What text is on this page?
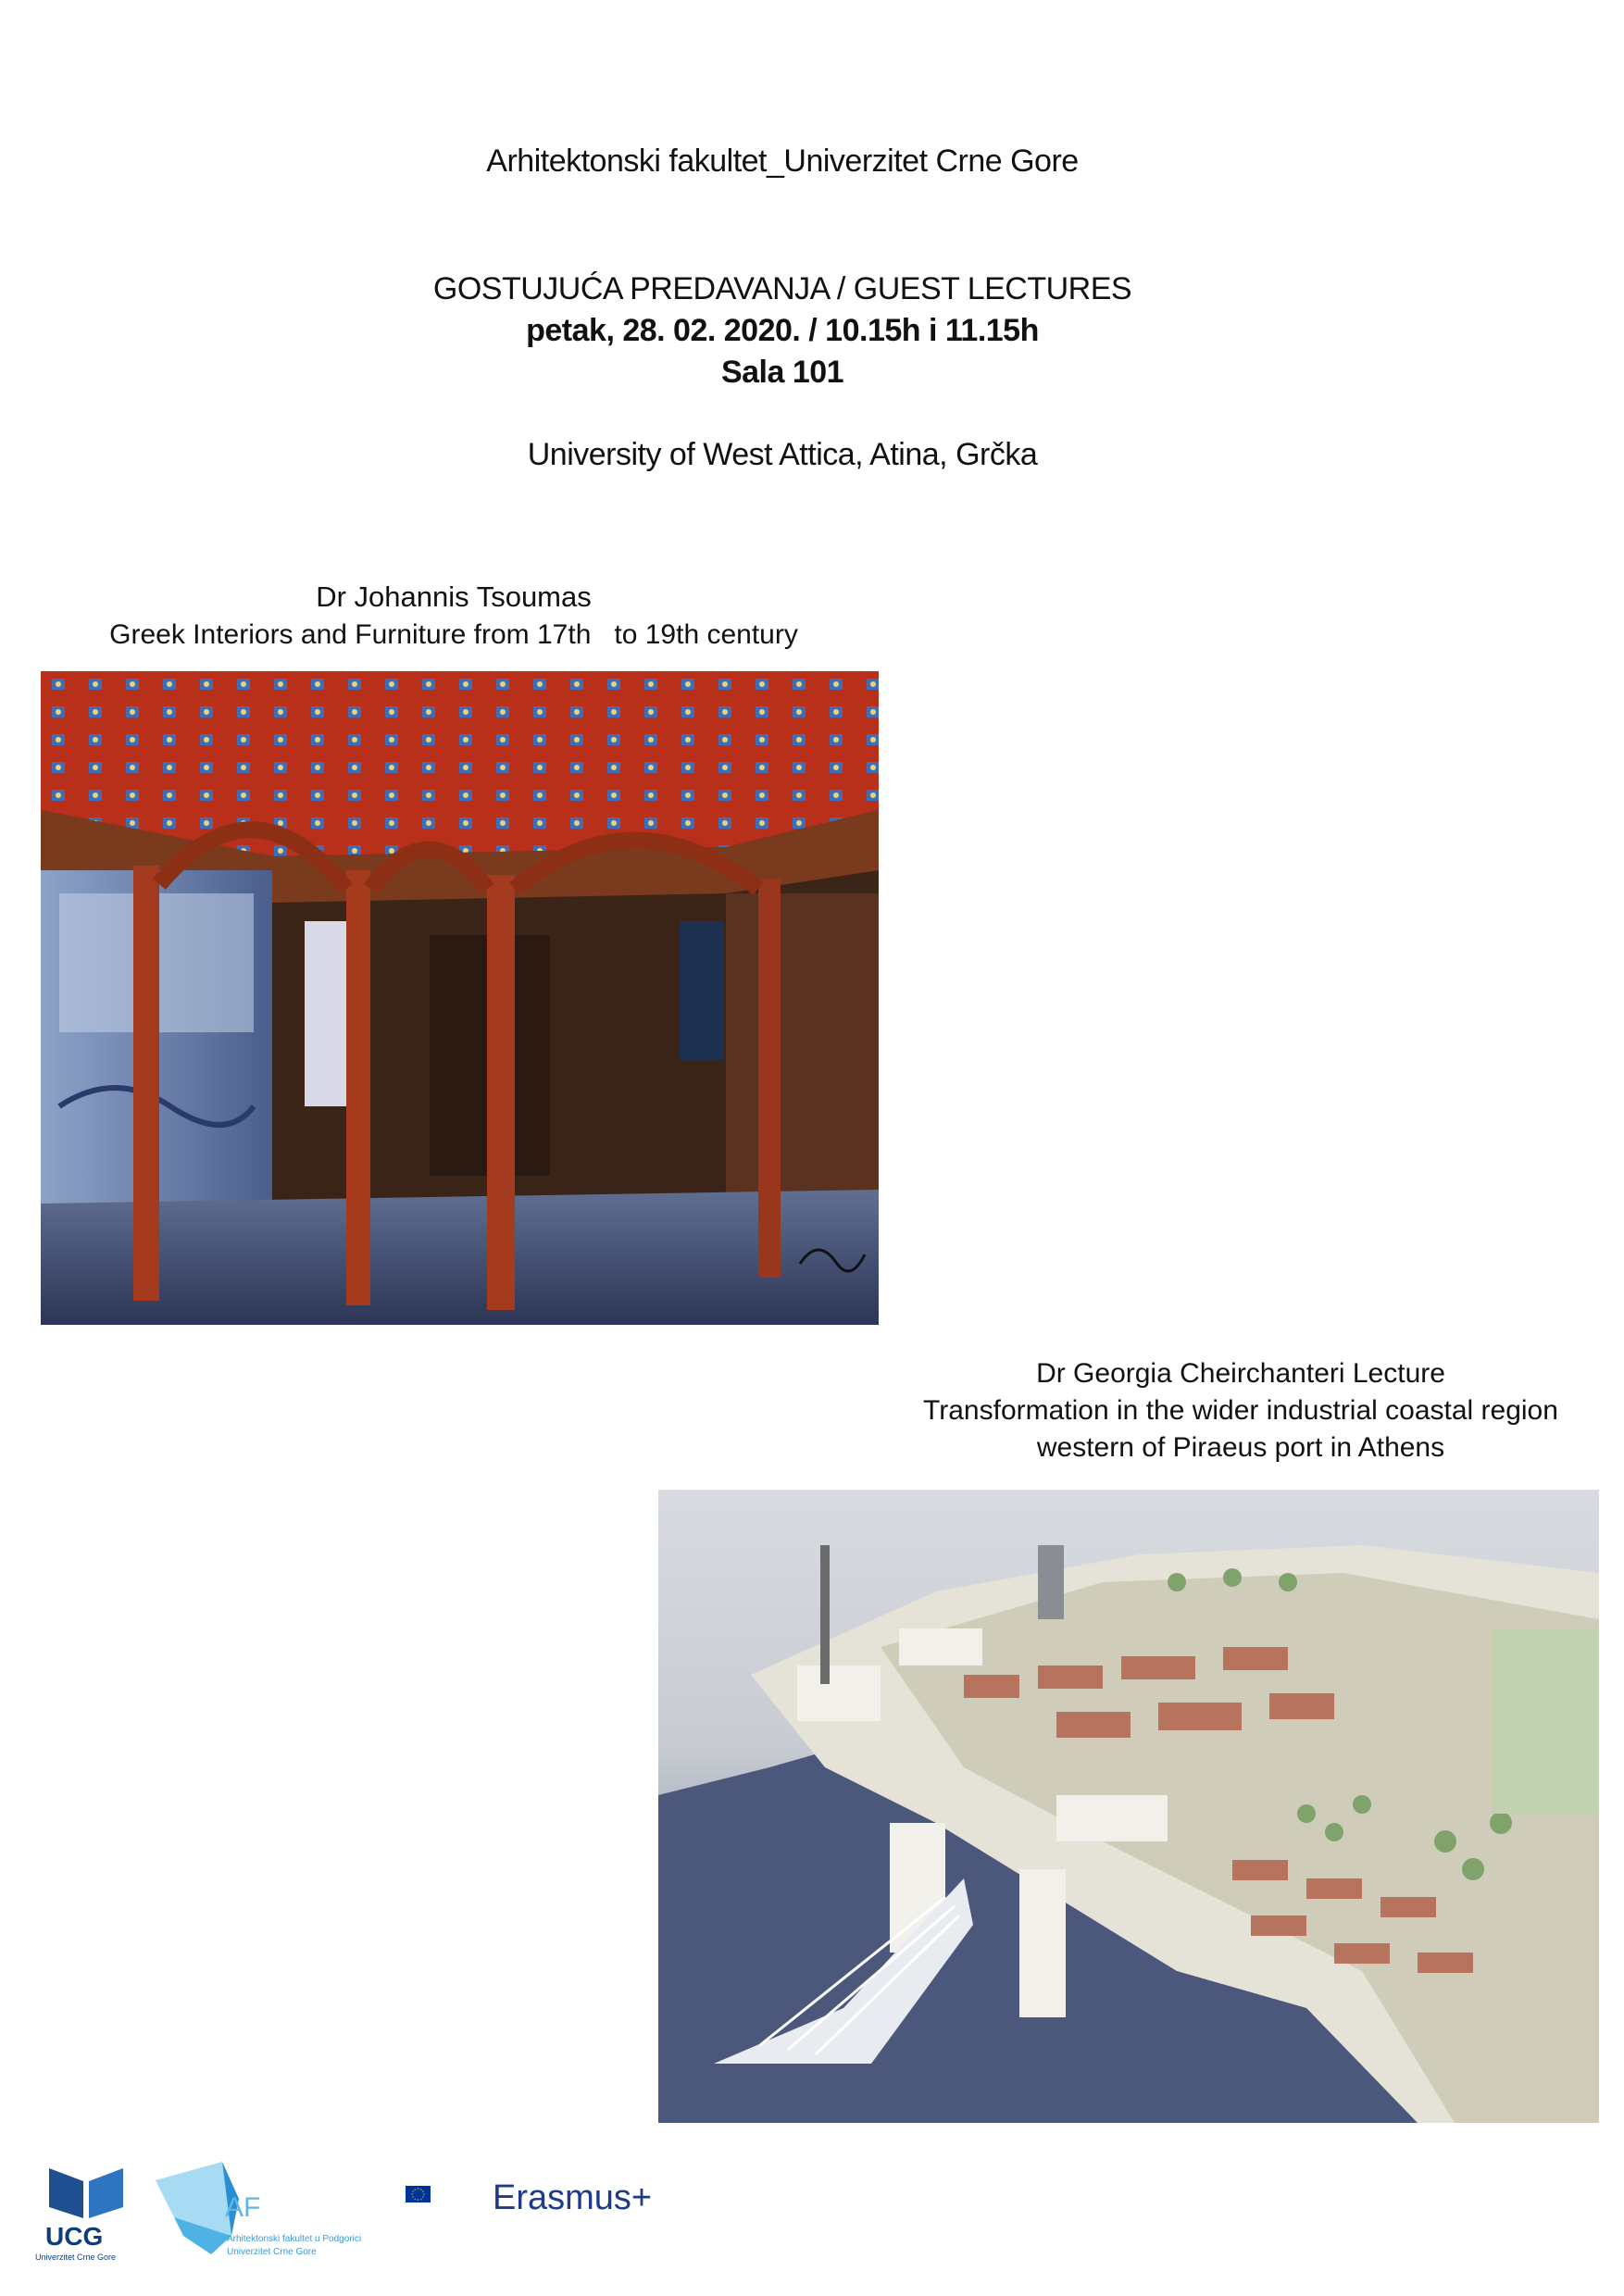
Arhitektonski fakultet_Univerzitet Crne Gore
GOSTUJUĆA PREDAVANJA / GUEST LECTURES
petak, 28. 02. 2020. / 10.15h i 11.15h
Sala 101
University of West Attica, Atina, Grčka
Dr Johannis Tsoumas
Greek Interiors and Furniture from 17th   to 19th century
Dr Georgia Cheirchanteri Lecture
Transformation in the wider industrial coastal region
western of Piraeus port in Athens
UCG
Univerzitet Crne Gore
AF
Arhitektonski fakultet u Podgorici
Univerzitet Crne Gore
★ ★
★
★
★
★
★
★
★
★
★
★ Erasmus+
